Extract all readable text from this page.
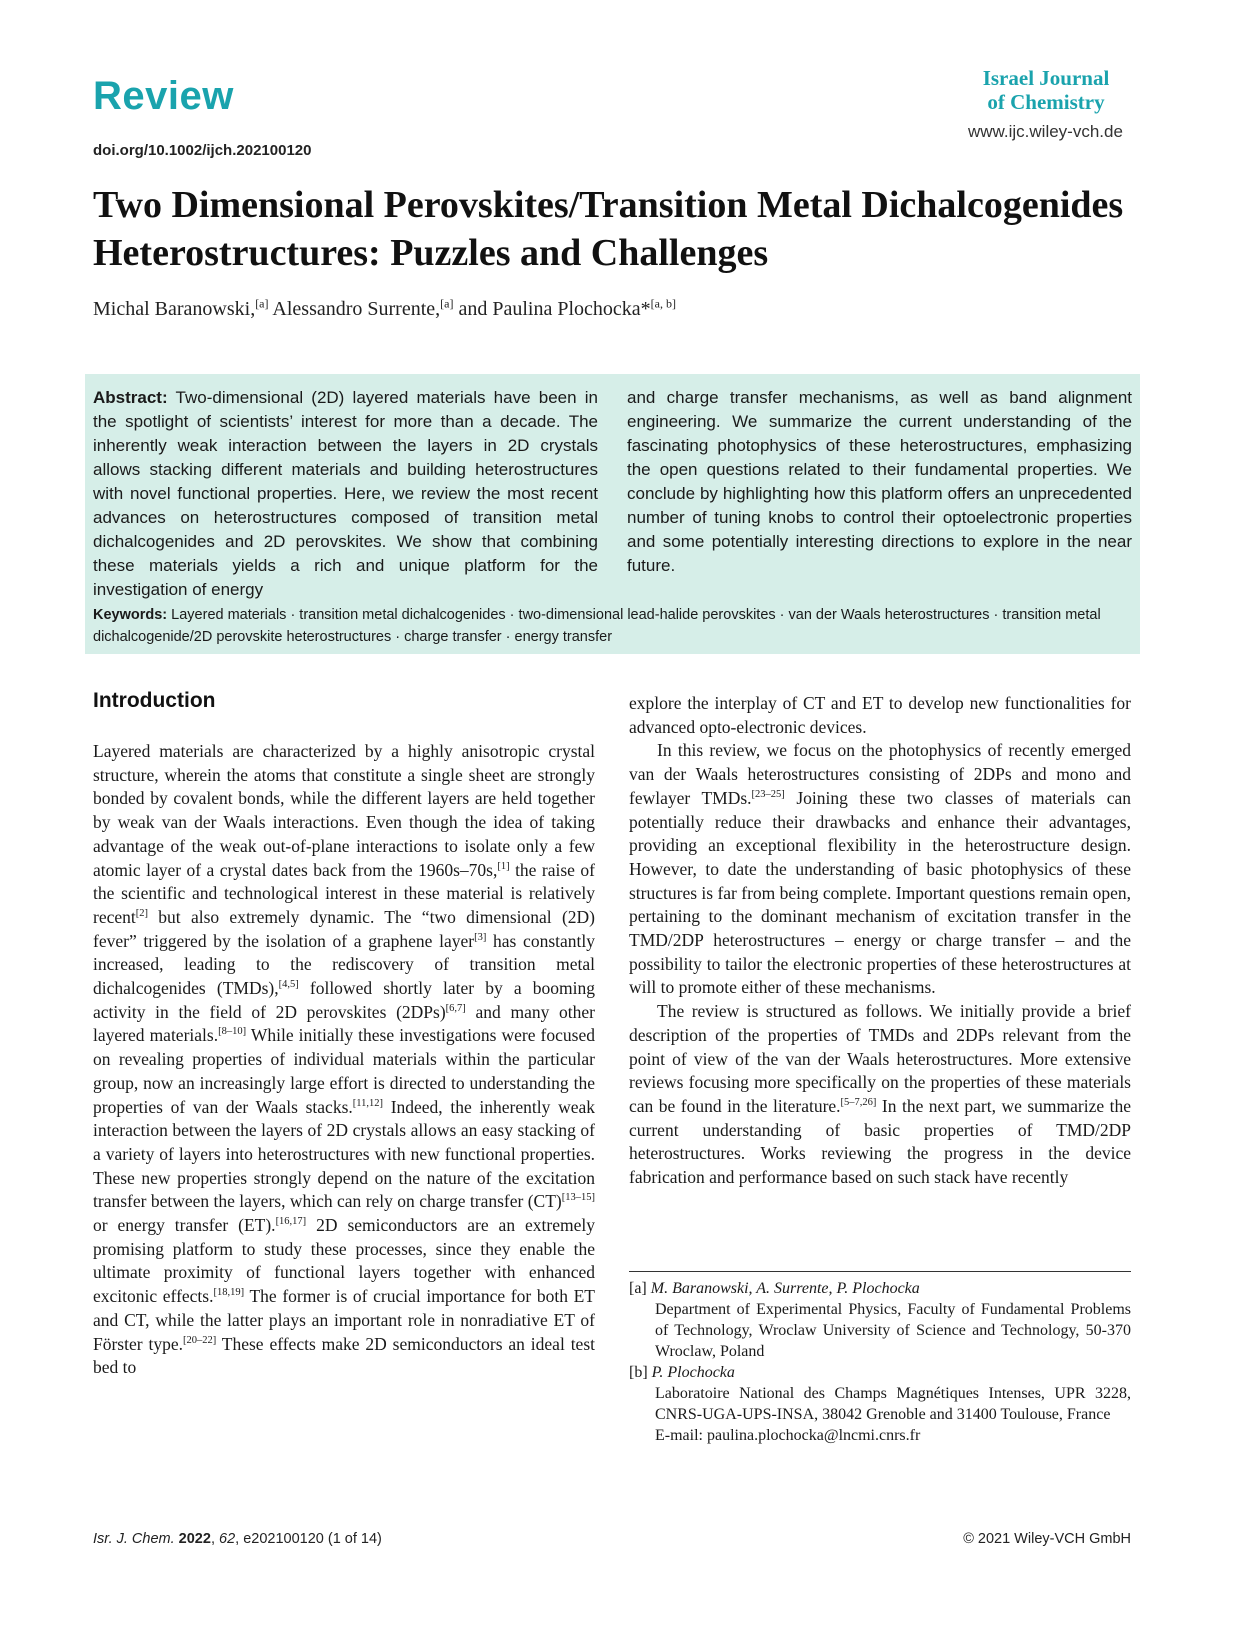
Review	Israel Journal
of Chemistry
www.ijc.wiley-vch.de
doi.org/10.1002/ijch.202100120
Two Dimensional Perovskites/Transition Metal Dichalcogenides Heterostructures: Puzzles and Challenges
Michal Baranowski,[a] Alessandro Surrente,[a] and Paulina Plochocka*[a, b]
Abstract: Two-dimensional (2D) layered materials have been in the spotlight of scientists’ interest for more than a decade. The inherently weak interaction between the layers in 2D crystals allows stacking different materials and building heterostructures with novel functional properties. Here, we review the most recent advances on heterostructures composed of transition metal dichalcogenides and 2D perovskites. We show that combining these materials yields a rich and unique platform for the investigation of energy
and charge transfer mechanisms, as well as band alignment engineering. We summarize the current understanding of the fascinating photophysics of these heterostructures, emphasizing the open questions related to their fundamental properties. We conclude by highlighting how this platform offers an unprecedented number of tuning knobs to control their optoelectronic properties and some potentially interesting directions to explore in the near future.
Keywords: Layered materials · transition metal dichalcogenides · two-dimensional lead-halide perovskites · van der Waals heterostructures · transition metal dichalcogenide/2D perovskite heterostructures · charge transfer · energy transfer
Introduction

Layered materials are characterized by a highly anisotropic crystal structure, wherein the atoms that constitute a single sheet are strongly bonded by covalent bonds, while the different layers are held together by weak van der Waals interactions. Even though the idea of taking advantage of the weak out-of-plane interactions to isolate only a few atomic layer of a crystal dates back from the 1960s–70s,[1] the raise of the scientific and technological interest in these material is relatively recent[2] but also extremely dynamic. The “two dimensional (2D) fever” triggered by the isolation of a graphene layer[3] has constantly increased, leading to the rediscovery of transition metal dichalcogenides (TMDs),[4,5] followed shortly later by a booming activity in the field of 2D perovskites (2DPs)[6,7] and many other layered materials.[8–10] While initially these investigations were focused on revealing properties of individual materials within the particular group, now an increasingly large effort is directed to understanding the properties of van der Waals stacks.[11,12] Indeed, the inherently weak interaction between the layers of 2D crystals allows an easy stacking of a variety of layers into heterostructures with new functional properties. These new properties strongly depend on the nature of the excitation transfer between the layers, which can rely on charge transfer (CT)[13–15] or energy transfer (ET).[16,17] 2D semiconductors are an extremely promising platform to study these processes, since they enable the ultimate proximity of functional layers together with enhanced excitonic effects.[18,19] The former is of crucial importance for both ET and CT, while the latter plays an important role in nonradiative ET of Förster type.[20–22] These effects make 2D semiconductors an ideal test bed to

explore the interplay of CT and ET to develop new functionalities for advanced opto-electronic devices.

In this review, we focus on the photophysics of recently emerged van der Waals heterostructures consisting of 2DPs and mono and fewlayer TMDs.[23–25] Joining these two classes of materials can potentially reduce their drawbacks and enhance their advantages, providing an exceptional flexibility in the heterostructure design. However, to date the understanding of basic photophysics of these structures is far from being complete. Important questions remain open, pertaining to the dominant mechanism of excitation transfer in the TMD/2DP heterostructures – energy or charge transfer – and the possibility to tailor the electronic properties of these heterostructures at will to promote either of these mechanisms.

The review is structured as follows. We initially provide a brief description of the properties of TMDs and 2DPs relevant from the point of view of the van der Waals heterostructures. More extensive reviews focusing more specifically on the properties of these materials can be found in the literature.[5–7,26] In the next part, we summarize the current understanding of basic properties of TMD/2DP heterostructures. Works reviewing the progress in the device fabrication and performance based on such stack have recently

[a] M. Baranowski, A. Surrente, P. Plochocka
Department of Experimental Physics, Faculty of Fundamental Problems of Technology, Wroclaw University of Science and Technology, 50-370 Wroclaw, Poland
[b] P. Plochocka
Laboratoire National des Champs Magnétiques Intenses, UPR 3228, CNRS-UGA-UPS-INSA, 38042 Grenoble and 31400 Toulouse, France
E-mail: paulina.plochocka@lncmi.cnrs.fr
Isr. J. Chem. 2022, 62, e202100120 (1 of 14)	© 2021 Wiley-VCH GmbH
